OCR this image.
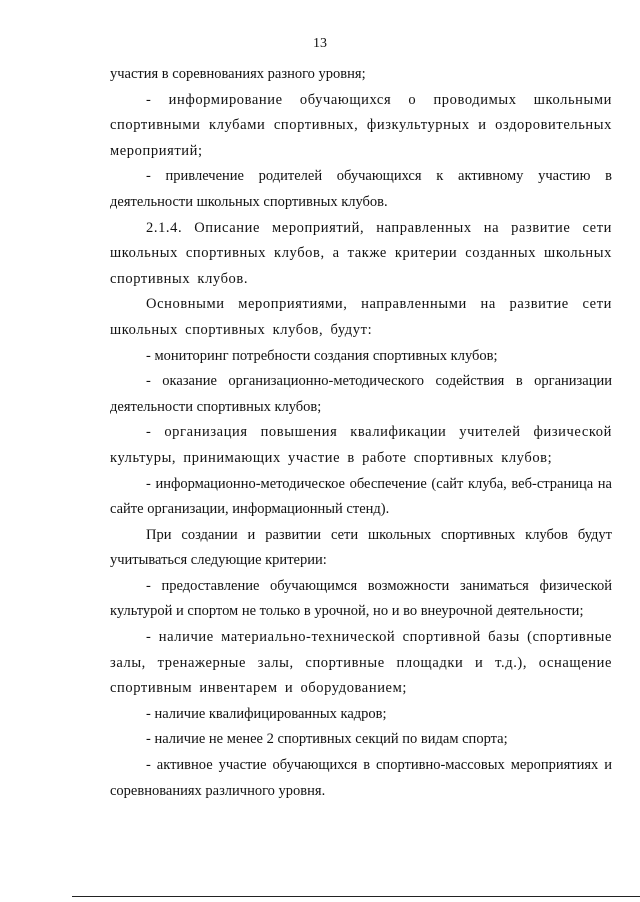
13

участия в соревнованиях разного уровня;

- информирование обучающихся о проводимых школьными спортивными клубами спортивных, физкультурных и оздоровительных мероприятий;

- привлечение родителей обучающихся к активному участию в деятельности школьных спортивных клубов.

2.1.4. Описание мероприятий, направленных на развитие сети школьных спортивных клубов, а также критерии созданных школьных спортивных клубов.

Основными мероприятиями, направленными на развитие сети школьных спортивных клубов, будут:

- мониторинг потребности создания спортивных клубов;

- оказание организационно-методического содействия в организации деятельности спортивных клубов;

- организация повышения квалификации учителей физической культуры, принимающих участие в работе спортивных клубов;

- информационно-методическое обеспечение (сайт клуба, веб-страница на сайте организации, информационный стенд).

При создании и развитии сети школьных спортивных клубов будут учитываться следующие критерии:

- предоставление обучающимся возможности заниматься физической культурой и спортом не только в урочной, но и во внеурочной деятельности;

- наличие материально-технической спортивной базы (спортивные залы, тренажерные залы, спортивные площадки и т.д.), оснащение спортивным инвентарем и оборудованием;

- наличие квалифицированных кадров;

- наличие не менее 2 спортивных секций по видам спорта;

- активное участие обучающихся в спортивно-массовых мероприятиях и соревнованиях различного уровня.
